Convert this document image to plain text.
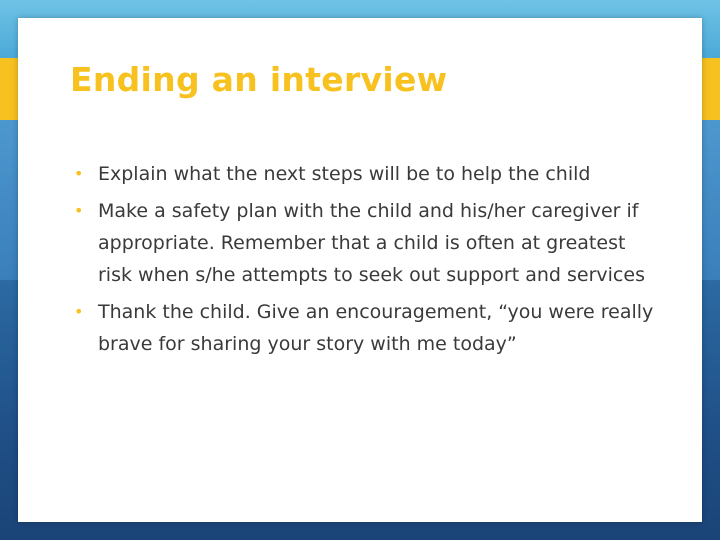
Ending an interview
• Explain what the next steps will be to help the child
• Make a safety plan with the child and his/her caregiver if appropriate. Remember that a child is often at greatest risk when s/he attempts to seek out support and services
• Thank the child. Give an encouragement, “you were really brave for sharing your story with me today”
